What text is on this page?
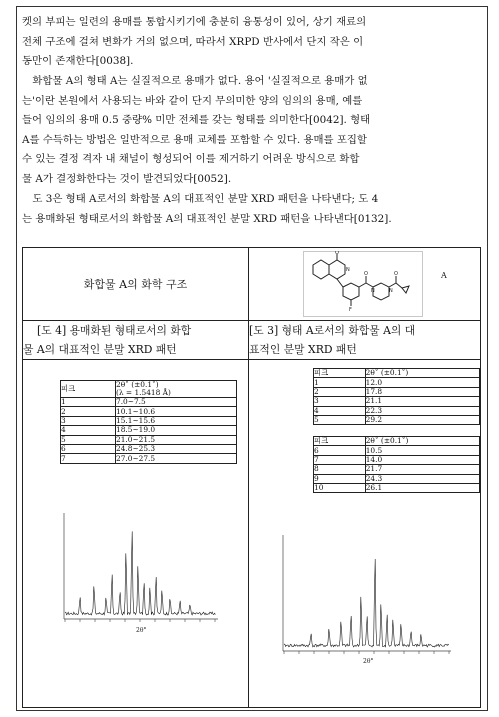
켓의 부피는 일련의 용매를 통합시키기에 충분히 융통성이 있어, 상기 재료의
전체 구조에 걸쳐 변화가 거의 없으며, 따라서 XRPD 반사에서 단지 작은 이
동만이 존재한다[0038].

　화합물 A의 형태 A는 실질적으로 용매가 없다. 용어 '실질적으로 용매가 없
는'이란 본원에서 사용되는 바와 같이 단지 무의미한 양의 임의의 용매, 예를
들어 임의의 용매 0.5 중량% 미만 전체를 갖는 형태를 의미한다[0042]. 형태
A를 수득하는 방법은 일반적으로 용매 교체를 포함할 수 있다. 용매를 포집할
수 있는 결정 격자 내 채널이 형성되어 이를 제거하기 어려운 방식으로 화합
물 A가 결정화한다는 것이 발견되었다[0052].

　도 3은 형태 A로서의 화합물 A의 대표적인 분말 XRD 패턴을 나타낸다; 도 4
는 용매화된 형태로서의 화합물 A의 대표적인 분말 XRD 패턴을 나타낸다[0132].

화합물 A의 화학 구조	
O
N
O
F
N	N
O	A

[도 4] 용매화된 형태로서의 화합
물 A의 대표적인 분말 XRD 패턴	[도 3] 형태 A로서의 화합물 A의 대
표적인 분말 XRD 패턴

피크	2θ˚ (±0.1˚)
(λ = 1.5418 Å)
1	7.0~7.5
2	10.1~10.6
3	15.1~15.6
4	18.5~19.0
5	21.0~21.5
6	24.8~25.3
7	27.0~27.5
2θ°

피크	2θ˚ (±0.1˚)
1	12.0
2	17.8
3	21.1
4	22.3
5	29.2
피크	2θ˚ (±0.1˚)
6	10.5
7	14.0
8	21.7
9	24.3
10	26.1
2θ°
